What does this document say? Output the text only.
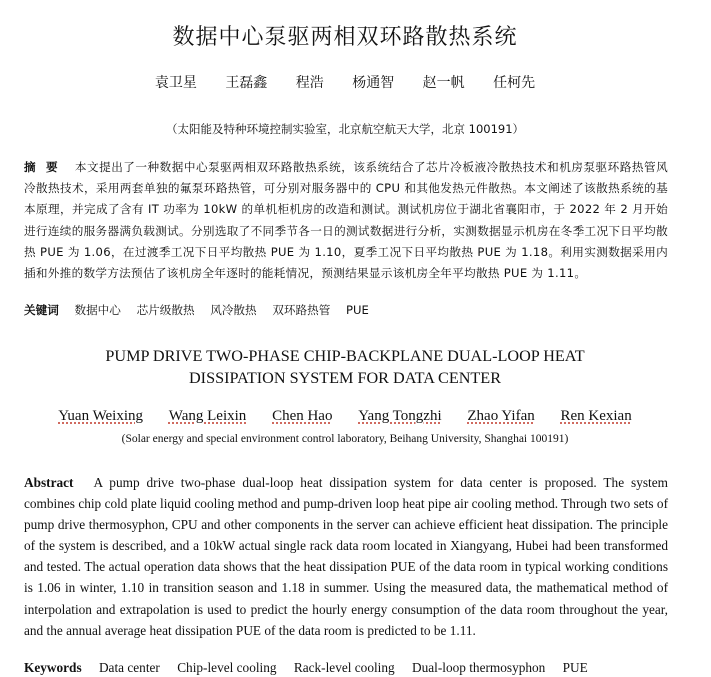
数据中心泵驱两相双环路散热系统
袁卫星 王磊鑫 程浩 杨通智 赵一帆 任柯先
（太阳能及特种环境控制实验室，北京航空航天大学，北京 100191）
摘 要 本文提出了一种数据中心泵驱两相双环路散热系统，该系统结合了芯片冷板液冷散热技术和机房泵驱环路热管风冷散热技术，采用两套单独的氟泵环路热管，可分别对服务器中的 CPU 和其他发热元件散热。本文阐述了该散热系统的基本原理，并完成了含有 IT 功率为 10kW 的单机柜机房的改造和测试。测试机房位于湖北省襄阳市，于 2022 年 2 月开始进行连续的服务器满负载测试。分别选取了不同季节各一日的测试数据进行分析，实测数据显示机房在冬季工况下日平均散热 PUE 为 1.06，在过渡季工况下日平均散热 PUE 为 1.10，夏季工况下日平均散热 PUE 为 1.18。利用实测数据采用内插和外推的数学方法预估了该机房全年逐时的能耗情况，预测结果显示该机房全年平均散热 PUE 为 1.11。
关键词 数据中心 芯片级散热 风冷散热 双环路热管 PUE
PUMP DRIVE TWO-PHASE CHIP-BACKPLANE DUAL-LOOP HEAT
DISSIPATION SYSTEM FOR DATA CENTER
Yuan Weixing Wang Leixin Chen Hao Yang Tongzhi Zhao Yifan Ren Kexian
(Solar energy and special environment control laboratory, Beihang University, Shanghai 100191)
Abstract A pump drive two-phase dual-loop heat dissipation system for data center is proposed. The system combines chip cold plate liquid cooling method and pump-driven loop heat pipe air cooling method. Through two sets of pump drive thermosyphon, CPU and other components in the server can achieve efficient heat dissipation. The principle of the system is described, and a 10kW actual single rack data room located in Xiangyang, Hubei had been transformed and tested. The actual operation data shows that the heat dissipation PUE of the data room in typical working conditions is 1.06 in winter, 1.10 in transition season and 1.18 in summer. Using the measured data, the mathematical method of interpolation and extrapolation is used to predict the hourly energy consumption of the data room throughout the year, and the annual average heat dissipation PUE of the data room is predicted to be 1.11.
Keywords Data center Chip-level cooling Rack-level cooling Dual-loop thermosyphon PUE
